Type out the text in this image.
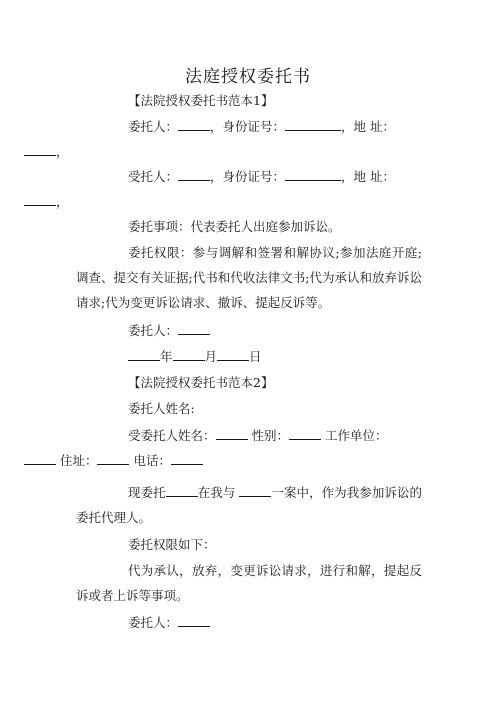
法庭授权委托书
【法院授权委托书范本1】
委托人：	，身份证号：	，地 址：
，
受托人：	，身份证号：	，地 址：
，
委托事项：代表委托人出庭参加诉讼。
委托权限：参与调解和签署和解协议;参加法庭开庭;调查、提交有关证据;代书和代收法律文书;代为承认和放弃诉讼请求;代为变更诉讼请求、撤诉、提起反诉等。
委托人：
年	月	日
【法院授权委托书范本2】
委托人姓名:
受委托人姓名：	性别：	工作单位：
住址：	电话：
现委托	在我与	一案中，作为我参加诉讼的委托代理人。
委托权限如下：
代为承认，放弃，变更诉讼请求，进行和解，提起反诉或者上诉等事项。
委托人：
